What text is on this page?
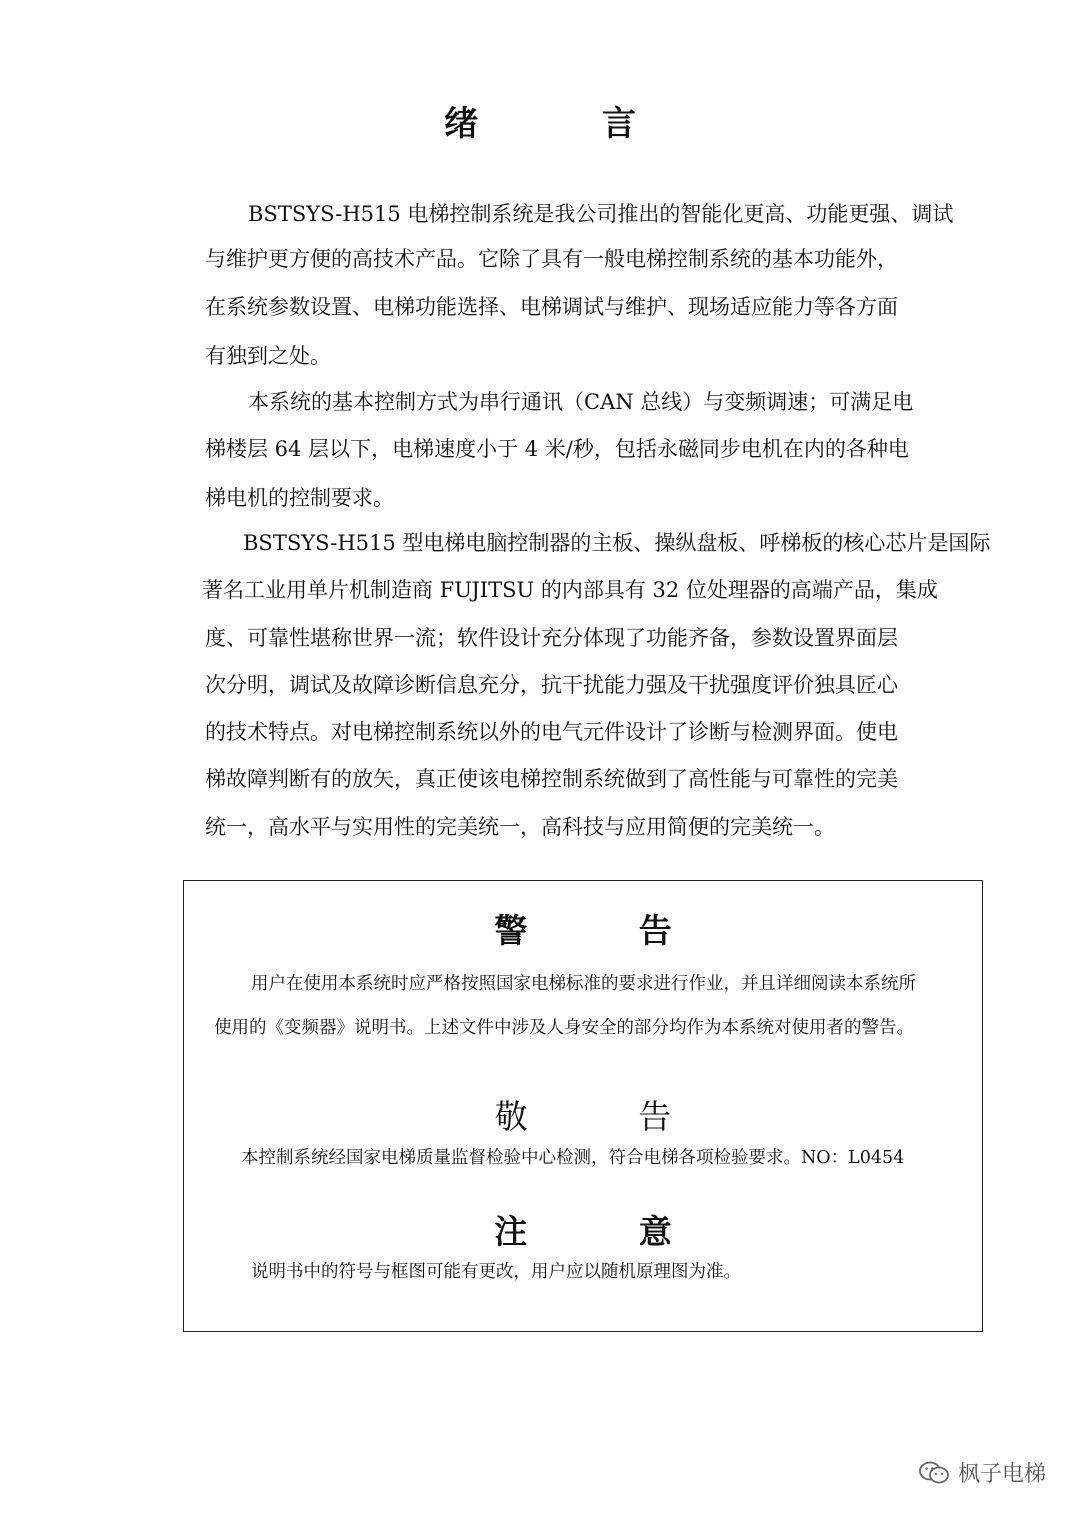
绪 言
BSTSYS-H515 电梯控制系统是我公司推出的智能化更高、功能更强、调试
与维护更方便的高技术产品。它除了具有一般电梯控制系统的基本功能外，
在系统参数设置、电梯功能选择、电梯调试与维护、现场适应能力等各方面
有独到之处。
本系统的基本控制方式为串行通讯（CAN 总线）与变频调速；可满足电
梯楼层 64 层以下，电梯速度小于 4 米/秒，包括永磁同步电机在内的各种电
梯电机的控制要求。
BSTSYS-H515 型电梯电脑控制器的主板、操纵盘板、呼梯板的核心芯片是国际
著名工业用单片机制造商 FUJITSU 的内部具有 32 位处理器的高端产品，集成
度、可靠性堪称世界一流；软件设计充分体现了功能齐备，参数设置界面层
次分明，调试及故障诊断信息充分，抗干扰能力强及干扰强度评价独具匠心
的技术特点。对电梯控制系统以外的电气元件设计了诊断与检测界面。使电
梯故障判断有的放矢，真正使该电梯控制系统做到了高性能与可靠性的完美
统一，高水平与实用性的完美统一，高科技与应用简便的完美统一。
警 告
用户在使用本系统时应严格按照国家电梯标准的要求进行作业，并且详细阅读本系统所
使用的《变频器》说明书。上述文件中涉及人身安全的部分均作为本系统对使用者的警告。
敬 告
本控制系统经国家电梯质量监督检验中心检测，符合电梯各项检验要求。NO：L0454
注 意
说明书中的符号与框图可能有更改，用户应以随机原理图为准。
枫子电梯
